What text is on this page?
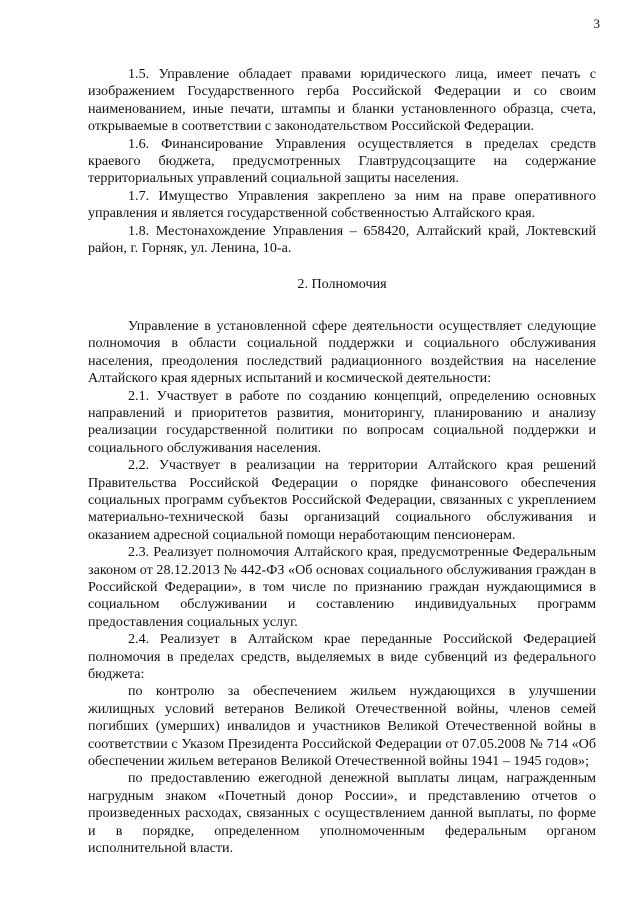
3

1.5. Управление обладает правами юридического лица, имеет печать с изображением Государственного герба Российской Федерации и со своим наименованием, иные печати, штампы и бланки установленного образца, счета, открываемые в соответствии с законодательством Российской Федерации.

1.6. Финансирование Управления осуществляется в пределах средств краевого бюджета, предусмотренных Главтрудсоцзащите на содержание территориальных управлений социальной защиты населения.

1.7. Имущество Управления закреплено за ним на праве оперативного управления и является государственной собственностью Алтайского края.

1.8. Местонахождение Управления – 658420, Алтайский край, Локтевский район, г. Горняк, ул. Ленина, 10-а.

2. Полномочия

Управление в установленной сфере деятельности осуществляет следующие полномочия в области социальной поддержки и социального обслуживания населения, преодоления последствий радиационного воздействия на население Алтайского края ядерных испытаний и космической деятельности:

2.1. Участвует в работе по созданию концепций, определению основных направлений и приоритетов развития, мониторингу, планированию и анализу реализации государственной политики по вопросам социальной поддержки и социального обслуживания населения.

2.2. Участвует в реализации на территории Алтайского края решений Правительства Российской Федерации о порядке финансового обеспечения социальных программ субъектов Российской Федерации, связанных с укреплением материально-технической базы организаций социального обслуживания и оказанием адресной социальной помощи неработающим пенсионерам.

2.3. Реализует полномочия Алтайского края, предусмотренные Федеральным законом от 28.12.2013 № 442-ФЗ «Об основах социального обслуживания граждан в Российской Федерации», в том числе по признанию граждан нуждающимися в социальном обслуживании и составлению индивидуальных программ предоставления социальных услуг.

2.4. Реализует в Алтайском крае переданные Российской Федерацией полномочия в пределах средств, выделяемых в виде субвенций из федерального бюджета:

по контролю за обеспечением жильем нуждающихся в улучшении жилищных условий ветеранов Великой Отечественной войны, членов семей погибших (умерших) инвалидов и участников Великой Отечественной войны в соответствии с Указом Президента Российской Федерации от 07.05.2008 № 714 «Об обеспечении жильем ветеранов Великой Отечественной войны 1941 – 1945 годов»;

по предоставлению ежегодной денежной выплаты лицам, награжденным нагрудным знаком «Почетный донор России», и представлению отчетов о произведенных расходах, связанных с осуществлением данной выплаты, по форме и в порядке, определенном уполномоченным федеральным органом исполнительной власти.
